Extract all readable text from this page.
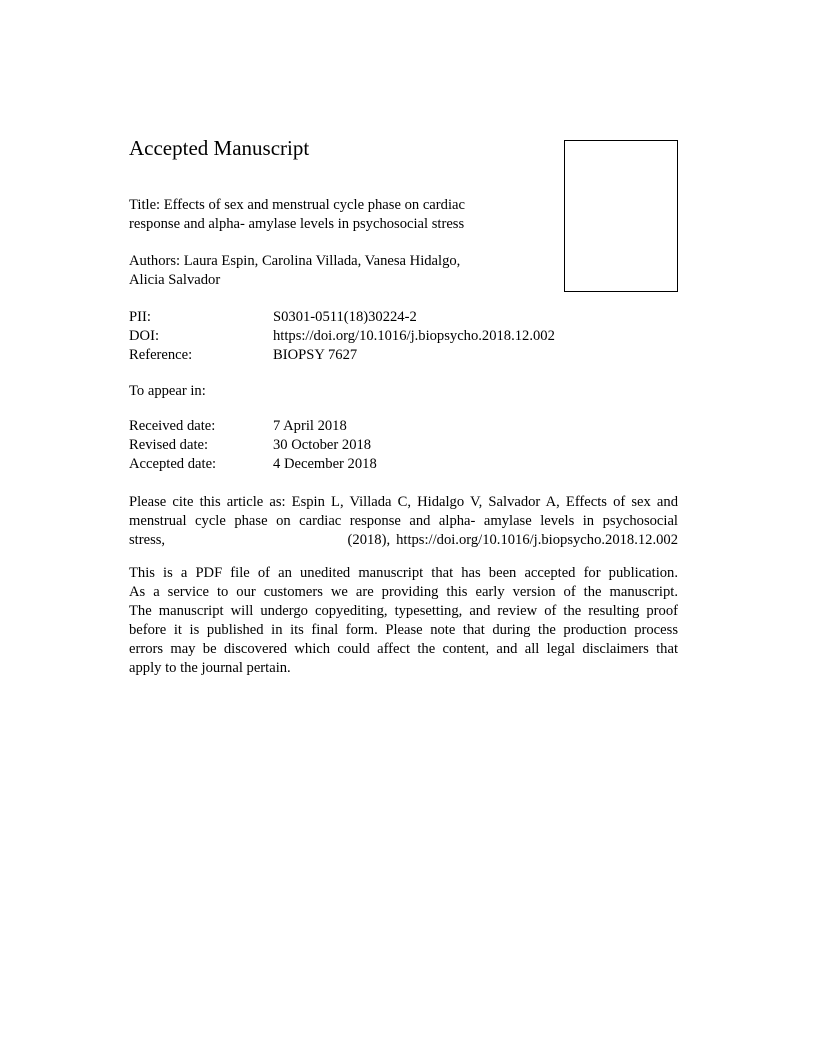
Accepted Manuscript
Title: Effects of sex and menstrual cycle phase on cardiac
response and alpha- amylase levels in psychosocial stress
Authors: Laura Espin, Carolina Villada, Vanesa Hidalgo,
Alicia Salvador
PII:	S0301-0511(18)30224-2
DOI:	https://doi.org/10.1016/j.biopsycho.2018.12.002
Reference:	BIOPSY 7627
To appear in:
Received date:	7 April 2018
Revised date:	30 October 2018
Accepted date:	4 December 2018
Please cite this article as: Espin L, Villada C, Hidalgo V, Salvador A, Effects of sex and
menstrual cycle phase on cardiac response and alpha- amylase levels in psychosocial
stress,	(2018), https://doi.org/10.1016/j.biopsycho.2018.12.002
This is a PDF file of an unedited manuscript that has been accepted for publication.
As a service to our customers we are providing this early version of the manuscript.
The manuscript will undergo copyediting, typesetting, and review of the resulting proof
before it is published in its final form. Please note that during the production process
errors may be discovered which could affect the content, and all legal disclaimers that
apply to the journal pertain.
